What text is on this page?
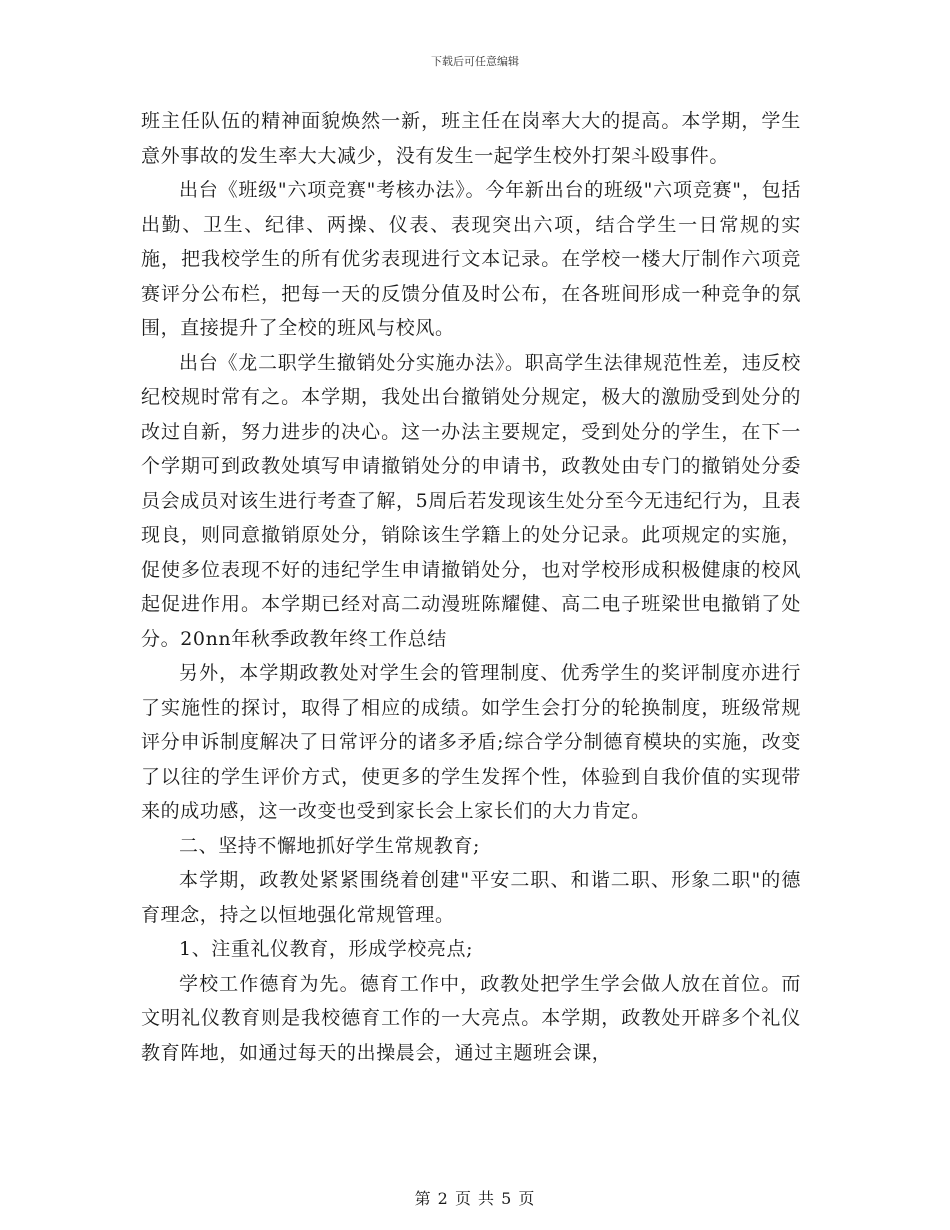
下载后可任意编辑

班主任队伍的精神面貌焕然一新，班主任在岗率大大的提高。本学期，学生意外事故的发生率大大减少，没有发生一起学生校外打架斗殴事件。

出台《班级"六项竞赛"考核办法》。今年新出台的班级"六项竞赛"，包括出勤、卫生、纪律、两操、仪表、表现突出六项，结合学生一日常规的实施，把我校学生的所有优劣表现进行文本记录。在学校一楼大厅制作六项竞赛评分公布栏，把每一天的反馈分值及时公布，在各班间形成一种竞争的氛围，直接提升了全校的班风与校风。

出台《龙二职学生撤销处分实施办法》。职高学生法律规范性差，违反校纪校规时常有之。本学期，我处出台撤销处分规定，极大的激励受到处分的改过自新，努力进步的决心。这一办法主要规定，受到处分的学生，在下一个学期可到政教处填写申请撤销处分的申请书，政教处由专门的撤销处分委员会成员对该生进行考查了解，5周后若发现该生处分至今无违纪行为，且表现良，则同意撤销原处分，销除该生学籍上的处分记录。此项规定的实施，促使多位表现不好的违纪学生申请撤销处分，也对学校形成积极健康的校风起促进作用。本学期已经对高二动漫班陈耀健、高二电子班梁世电撤销了处分。20nn年秋季政教年终工作总结

另外，本学期政教处对学生会的管理制度、优秀学生的奖评制度亦进行了实施性的探讨，取得了相应的成绩。如学生会打分的轮换制度，班级常规评分申诉制度解决了日常评分的诸多矛盾;综合学分制德育模块的实施，改变了以往的学生评价方式，使更多的学生发挥个性，体验到自我价值的实现带来的成功感，这一改变也受到家长会上家长们的大力肯定。

二、坚持不懈地抓好学生常规教育;

本学期，政教处紧紧围绕着创建"平安二职、和谐二职、形象二职"的德育理念，持之以恒地强化常规管理。

1、注重礼仪教育，形成学校亮点;

学校工作德育为先。德育工作中，政教处把学生学会做人放在首位。而文明礼仪教育则是我校德育工作的一大亮点。本学期，政教处开辟多个礼仪教育阵地，如通过每天的出操晨会，通过主题班会课，

第 2 页 共 5 页
